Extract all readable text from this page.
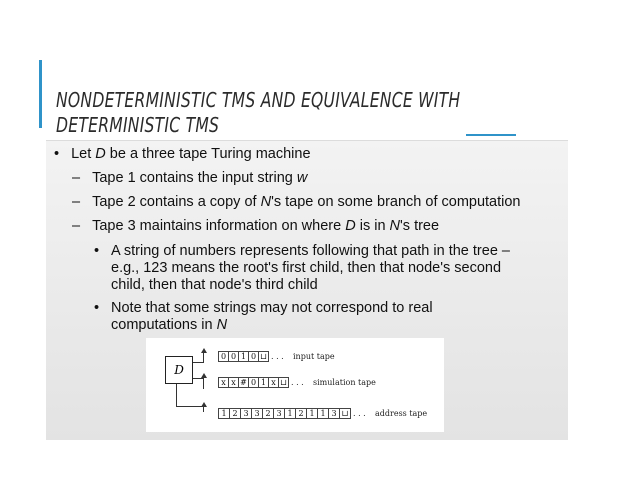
NONDETERMINISTIC TMS AND EQUIVALENCE WITH
DETERMINISTIC TMS
• Let D be a three tape Turing machine
– Tape 1 contains the input string w
– Tape 2 contains a copy of N's tape on some branch of computation
– Tape 3 maintains information on where D is in N's tree
• A string of numbers represents following that path in the tree –
e.g., 123 means the root's first child, then that node's second
child, then that node's third child
• Note that some strings may not correspond to real
computations in N
D
0 0 1 0 ⊔ . . . input tape
x x # 0 1 x ⊔ . . . simulation tape
1 2 3 3 2 3 1 2 1 1 3 ⊔ . . . address tape
